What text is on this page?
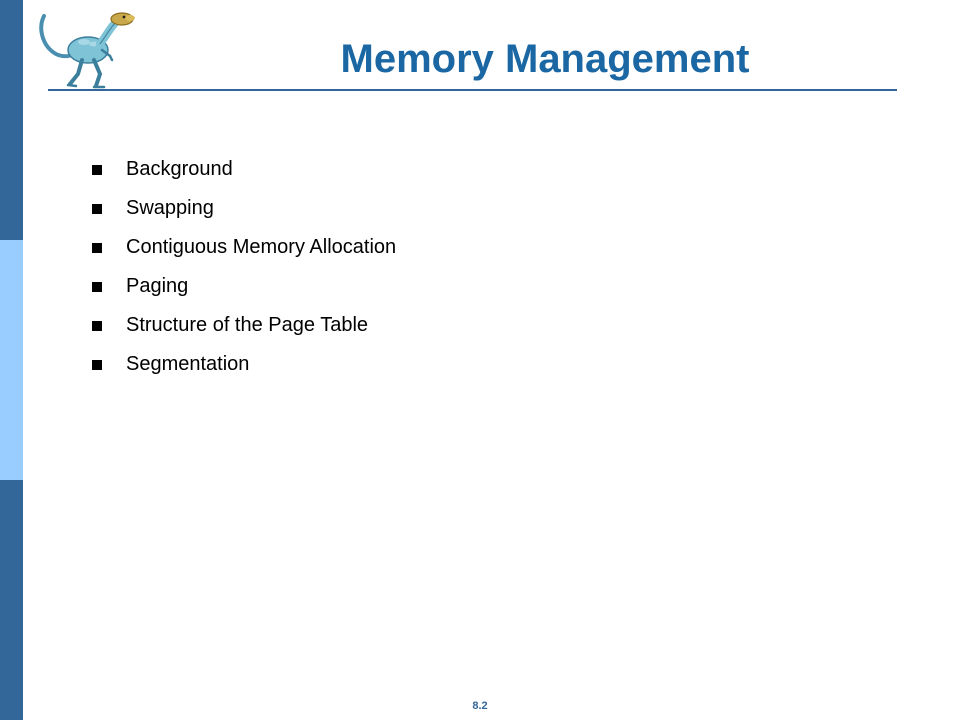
Memory Management
Background
Swapping
Contiguous Memory Allocation
Paging
Structure of the Page Table
Segmentation
8.2
